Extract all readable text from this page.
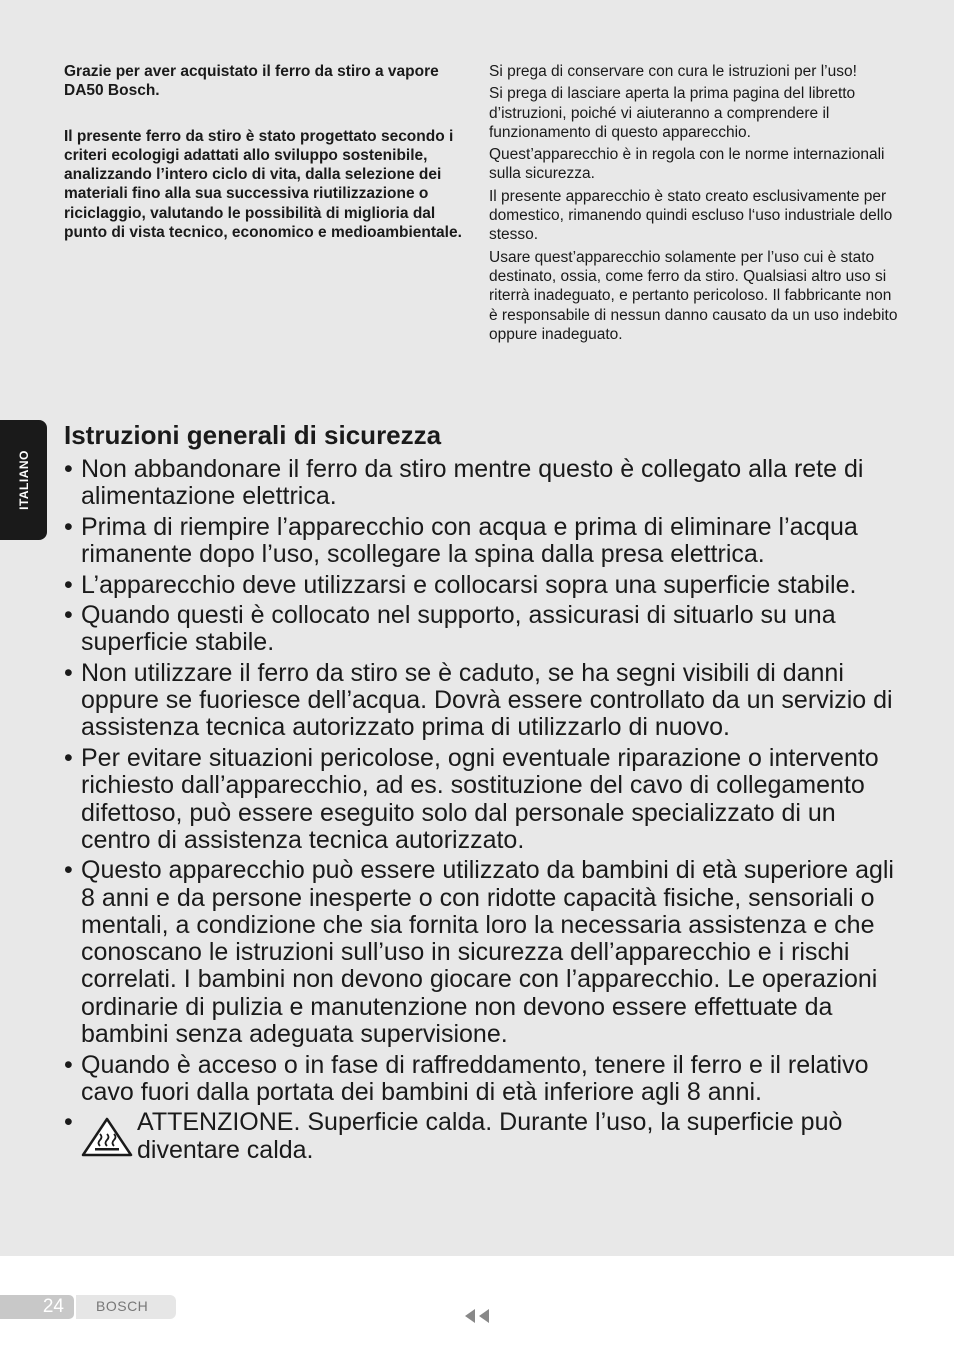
Grazie per aver acquistato il ferro da stiro a vapore DA50 Bosch.

Il presente ferro da stiro è stato progettato secondo i criteri ecologigi adattati allo sviluppo sostenibile, analizzando l’intero ciclo di vita, dalla selezione dei materiali fino alla sua successiva riutilizzazione o riciclaggio, valutando le possibilità di miglioria dal punto di vista tecnico, economico e medioambientale.

Si prega di conservare con cura le istruzioni per l’uso!

Si prega di lasciare aperta la prima pagina del libretto d’istruzioni, poiché vi aiuteranno a comprendere il funzionamento di questo apparecchio.

Quest’apparecchio è in regola con le norme internazionali sulla sicurezza.

Il presente apparecchio è stato creato esclusivamente per domestico, rimanendo quindi escluso l‘uso industriale dello stesso.

Usare quest’apparecchio solamente per l’uso cui è stato destinato, ossia, come ferro da stiro. Qualsiasi altro uso si riterrà inadeguato, e pertanto pericoloso. Il fabbricante non è responsabile di nessun danno causato da un uso indebito oppure inadeguato.

ITALIANO
Istruzioni generali di sicurezza
• Non abbandonare il ferro da stiro mentre questo è collegato alla rete di alimentazione elettrica.
• Prima di riempire l’apparecchio con acqua e prima di eliminare l’acqua rimanente dopo l’uso, scollegare la spina dalla presa elettrica.
• L’apparecchio deve utilizzarsi e collocarsi sopra una superficie stabile.
• Quando questi è collocato nel supporto, assicurasi di situarlo su una superficie stabile.
• Non utilizzare il ferro da stiro se è caduto, se ha segni visibili di danni oppure se fuoriesce dell’acqua. Dovrà essere controllato da un servizio di assistenza tecnica autorizzato prima di utilizzarlo di nuovo.
• Per evitare situazioni pericolose, ogni eventuale riparazione o intervento richiesto dall’apparecchio, ad es. sostituzione del cavo di collegamento difettoso, può essere eseguito solo dal personale specializzato di un centro di assistenza tecnica autorizzato.
• Questo apparecchio può essere utilizzato da bambini di età superiore agli 8 anni e da persone inesperte o con ridotte capacità fisiche, sensoriali o mentali, a condizione che sia fornita loro la necessaria assistenza e che conoscano le istruzioni sull’uso in sicurezza dell’apparecchio e i rischi correlati. I bambini non devono giocare con l’apparecchio. Le operazioni ordinarie di pulizia e manutenzione non devono essere effettuate da bambini senza adeguata supervisione.
• Quando è acceso o in fase di raffreddamento, tenere il ferro e il relativo cavo fuori dalla portata dei bambini di età inferiore agli 8 anni.
• ATTENZIONE. Superficie calda. Durante l’uso, la superficie può diventare calda.
24 BOSCH
